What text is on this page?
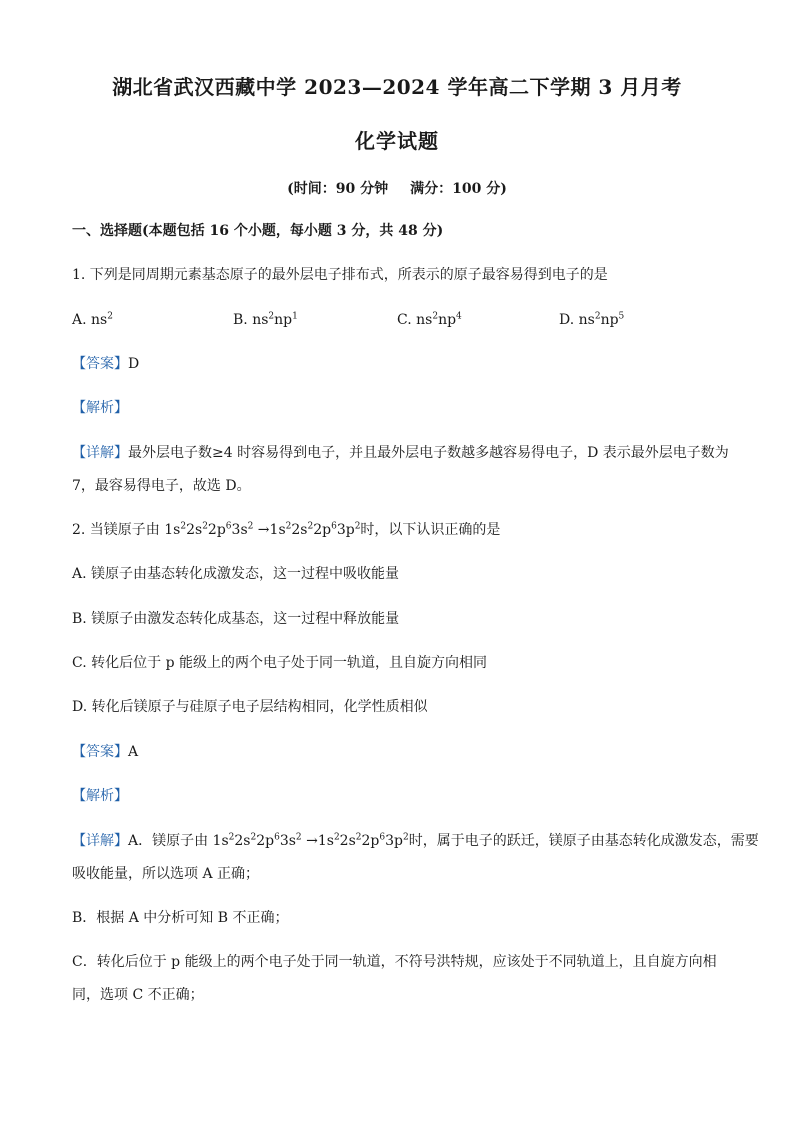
湖北省武汉西藏中学 2023—2024 学年高二下学期 3 月月考
化学试题
(时间：90 分钟 满分：100 分)
一、选择题(本题包括 16 个小题，每小题 3 分，共 48 分)
1. 下列是同周期元素基态原子的最外层电子排布式，所表示的原子最容易得到电子的是
A. $ns^2$	B. $ns^2np^1$	C. $ns^2np^4$	D. $ns^2np^5$
【答案】D
【解析】
【详解】最外层电子数≥4 时容易得到电子，并且最外层电子数越多越容易得电子，D 表示最外层电子数为
7，最容易得电子，故选 D。
2. 当镁原子由 $1s^22s^22p^63s^2 \to 1s^22s^22p^63p^2$时，以下认识正确的是
A. 镁原子由基态转化成激发态，这一过程中吸收能量
B. 镁原子由激发态转化成基态，这一过程中释放能量
C. 转化后位于 p 能级上的两个电子处于同一轨道，且自旋方向相同
D. 转化后镁原子与硅原子电子层结构相同，化学性质相似
【答案】A
【解析】
【详解】A．镁原子由 $1s^22s^22p^63s^2 \to 1s^22s^22p^63p^2$时，属于电子的跃迁，镁原子由基态转化成激发态，需要
吸收能量，所以选项 A 正确；
B．根据 A 中分析可知 B 不正确；
C．转化后位于 p 能级上的两个电子处于同一轨道，不符号洪特规，应该处于不同轨道上，且自旋方向相
同，选项 C 不正确；
